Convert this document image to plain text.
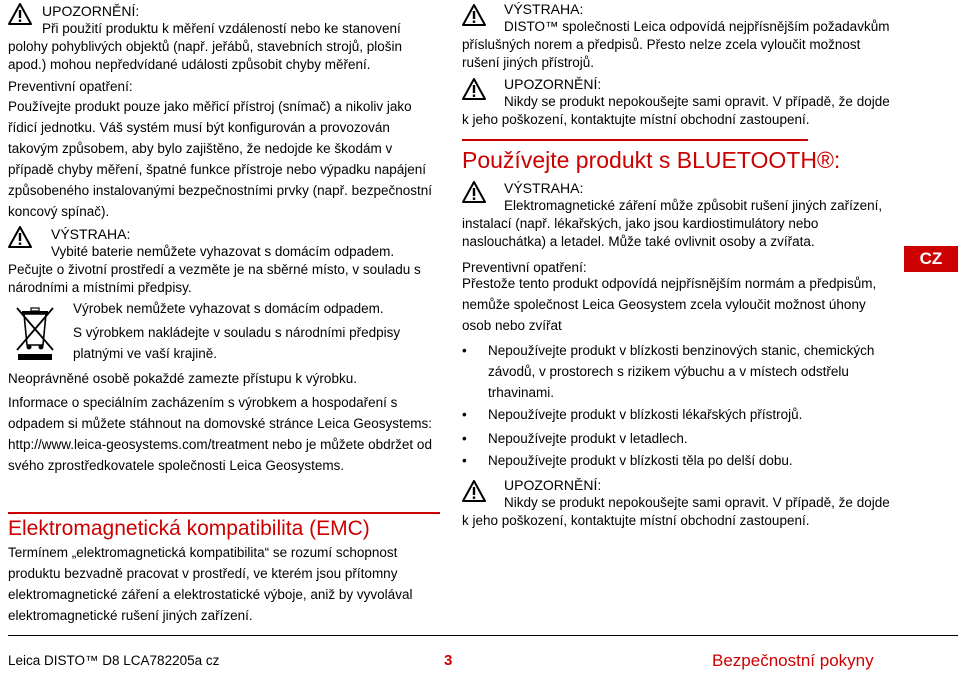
UPOZORNĚNÍ:
Při použití produktu k měření vzdáleností nebo ke stanovení polohy pohyblivých objektů (např. jeřábů, stavebních strojů, plošin apod.) mohou nepředvídané události způsobit chyby měření.
Preventivní opatření:
Používejte produkt pouze jako měřicí přístroj (snímač) a nikoliv jako řídicí jednotku. Váš systém musí být konfigurován a provozován takovým způsobem, aby bylo zajištěno, že nedojde ke škodám v případě chyby měření, špatné funkce přístroje nebo výpadku napájení způsobeného instalovanými bezpečnostními prvky (např. bezpečnostní koncový spínač).
VÝSTRAHA:
Vybité baterie nemůžete vyhazovat s domácím odpadem.
Pečujte o životní prostředí a vezměte je na sběrné místo, v souladu s národními a místními předpisy.
Výrobek nemůžete vyhazovat s domácím odpadem.
S výrobkem nakládejte v souladu s národními předpisy platnými ve vaší krajině.
Neoprávněné osobě pokaždé zamezte přístupu k výrobku.
Informace o speciálním zacházením s výrobkem a hospodaření s odpadem si můžete stáhnout na domovské stránce Leica Geosystems: http://www.leica-geosystems.com/treatment nebo je můžete obdržet od svého zprostředkovatele společnosti Leica Geosystems.
Elektromagnetická kompatibilita (EMC)
Termínem „elektromagnetická kompatibilita“ se rozumí schopnost produktu bezvadně pracovat v prostředí, ve kterém jsou přítomny elektromagnetické záření a elektrostatické výboje, aniž by vyvolával elektromagnetické rušení jiných zařízení.
VÝSTRAHA:
DISTO™ společnosti Leica odpovídá nejpřísnějším požadavkům příslušných norem a předpisů. Přesto nelze zcela vyloučit možnost rušení jiných přístrojů.
UPOZORNĚNÍ:
Nikdy se produkt nepokoušejte sami opravit. V případě, že dojde k jeho poškození, kontaktujte místní obchodní zastoupení.
Používejte produkt s BLUETOOTH®:
VÝSTRAHA:
Elektromagnetické záření může způsobit rušení jiných zařízení, instalací (např. lékařských, jako jsou kardiostimulátory nebo naslouchátka) a letadel. Může také ovlivnit osoby a zvířata.
Preventivní opatření:
Přestože tento produkt odpovídá nejpřísnějším normám a předpisům, nemůže společnost Leica Geosystem zcela vyloučit možnost úhony osob nebo zvířat
• Nepoužívejte produkt v blízkosti benzinových stanic, chemických závodů, v prostorech s rizikem výbuchu a v místech odstřelu trhavinami.
• Nepoužívejte produkt v blízkosti lékařských přístrojů.
• Nepoužívejte produkt v letadlech.
• Nepoužívejte produkt v blízkosti těla po delší dobu.
UPOZORNĚNÍ:
Nikdy se produkt nepokoušejte sami opravit. V případě, že dojde k jeho poškození, kontaktujte místní obchodní zastoupení.
CZ
Leica DISTO™ D8 LCA782205a cz	3	Bezpečnostní pokyny
